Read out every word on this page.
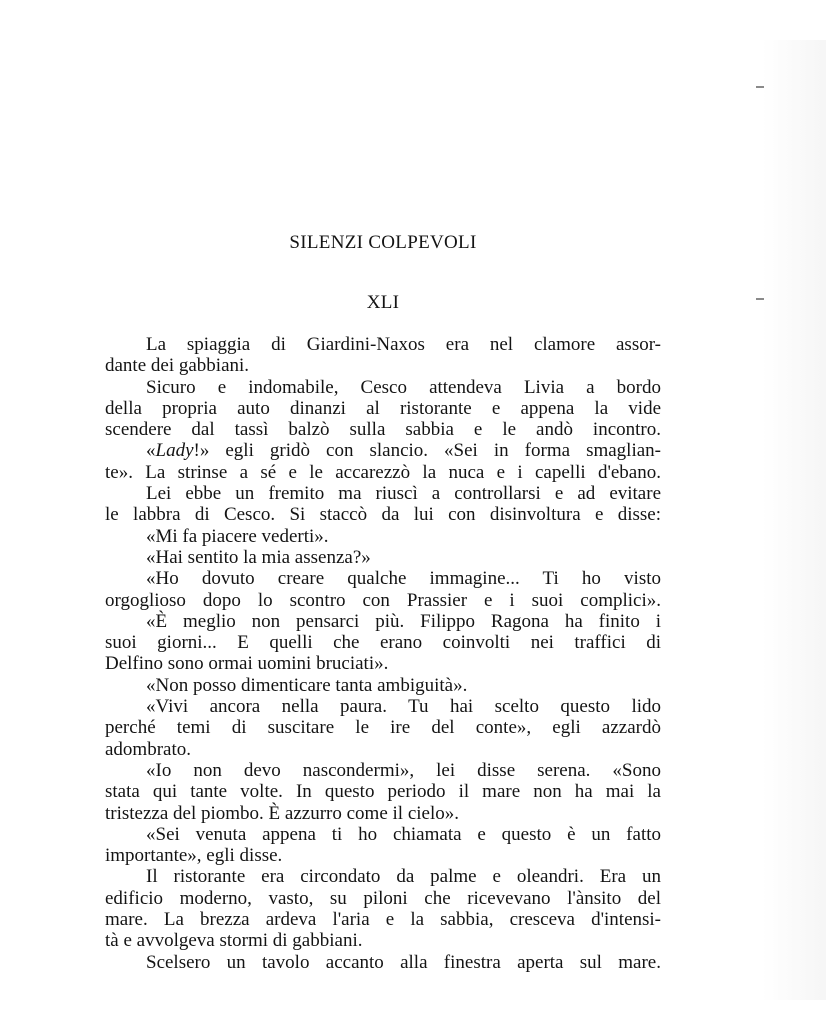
SILENZI COLPEVOLI
XLI
La spiaggia di Giardini-Naxos era nel clamore assor-
dante dei gabbiani.
Sicuro e indomabile, Cesco attendeva Livia a bordo
della propria auto dinanzi al ristorante e appena la vide
scendere dal tassì balzò sulla sabbia e le andò incontro.
«Lady!» egli gridò con slancio. «Sei in forma smaglian-
te». La strinse a sé e le accarezzò la nuca e i capelli d'ebano.
Lei ebbe un fremito ma riuscì a controllarsi e ad evitare
le labbra di Cesco. Si staccò da lui con disinvoltura e disse:
«Mi fa piacere vederti».
«Hai sentito la mia assenza?»
«Ho dovuto creare qualche immagine... Ti ho visto
orgoglioso dopo lo scontro con Prassier e i suoi complici».
«È meglio non pensarci più. Filippo Ragona ha finito i
suoi giorni... E quelli che erano coinvolti nei traffici di
Delfino sono ormai uomini bruciati».
«Non posso dimenticare tanta ambiguità».
«Vivi ancora nella paura. Tu hai scelto questo lido
perché temi di suscitare le ire del conte», egli azzardò
adombrato.
«Io non devo nascondermi», lei disse serena. «Sono
stata qui tante volte. In questo periodo il mare non ha mai la
tristezza del piombo. È azzurro come il cielo».
«Sei venuta appena ti ho chiamata e questo è un fatto
importante», egli disse.
Il ristorante era circondato da palme e oleandri. Era un
edificio moderno, vasto, su piloni che ricevevano l'ànsito del
mare. La brezza ardeva l'aria e la sabbia, cresceva d'intensi-
tà e avvolgeva stormi di gabbiani.
Scelsero un tavolo accanto alla finestra aperta sul mare.
